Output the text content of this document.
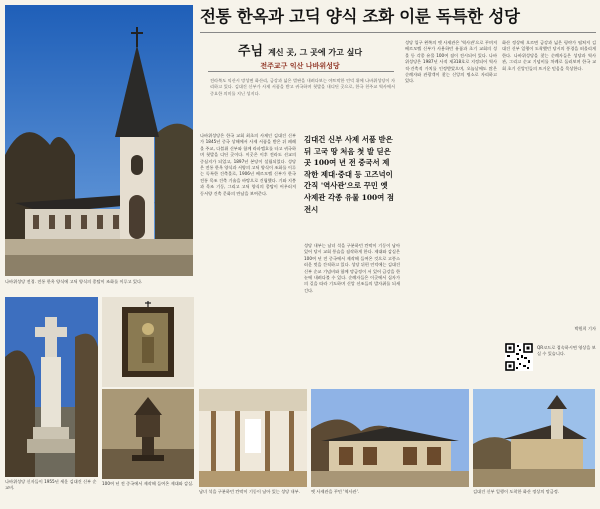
나바위성당 전경. 전통 한옥 양식에 고딕 양식의 종탑이 조화를 이루고 있다.
전통 한옥과 고딕 양식 조화 이룬 독특한 성당
주님 계신 곳, 그 곳에 가고 싶다
전주교구 익산 나바위성당
전라북도 익산시 망성면 화산리, 금강과 넓은 벌판을 내려다보는 야트막한 언덕 위에 나바위성당이 자리하고 있다. 김대건 신부가 사제 서품을 받고 귀국하며 첫발을 내디딘 곳으로, 한국 천주교 역사에서 중요한 의미를 지닌 성지다.
나바위성당은 한국 교회 최초의 사제인 김대건 신부가 1845년 중국 상해에서 사제 서품을 받은 뒤 페레올 주교, 다블뤼 신부와 함께 라파엘호를 타고 귀국하며 첫발을 디딘 곳이다. 이곳은 이후 전라도 선교의 중심지가 되었고, 1897년 본당이 설립되었다. 성당은 전통 한옥 양식과 서양의 고딕 양식이 조화를 이루는 독특한 건축물로, 1906년 베르모렐 신부가 한국 전통 목조 건축 기술을 바탕으로 건립했다. 기와 지붕과 목조 기둥, 그리고 고딕 양식의 종탑이 어우러져 동서양 건축 문화의 만남을 보여준다.
김대건 신부 사제 서품 받은 뒤 고국 땅 처음 첫 발 딛은 곳 100여 년 전 중국서 제작한 제대·중대 등 고즈넉이 간직 '역사관'으로 꾸민 옛 사제관 각종 유물 100여 점 전시
성당 내부는 남녀 석을 구분하던 칸막이 기둥이 남아 있어 당시 교회 풍습을 짐작하게 한다. 제대와 감실은 100여 년 전 중국에서 제작해 들여온 것으로 고풍스러운 멋을 간직하고 있다. 성당 뒤편 언덕에는 김대건 신부 순교 기념비와 함께 망금정이 서 있어 금강을 한눈에 내려다볼 수 있다. 순례자들은 이곳에서 십자가의 길을 따라 기도하며 신앙 선조들의 발자취를 되새긴다.
성당 입구 왼쪽의 옛 사제관은 '역사관'으로 꾸며져 베르모렐 신부가 사용하던 유품과 초기 교회의 성물 등 각종 유물 100여 점이 전시되어 있다. 나바위성당은 1987년 사적 제318호로 지정되어 역사적·건축적 가치를 인정받았으며, 오늘날에도 많은 순례자와 관광객이 찾는 신앙의 명소로 자리하고 있다.
화산 정상에 오르면 금강과 넓은 평야가 펼쳐져 김대건 신부 일행이 도착했던 당시의 풍경을 떠올리게 한다. 나바위성당을 찾는 순례자들은 성당과 역사관, 그리고 순교 기념비를 차례로 둘러보며 한국 교회 초기 신앙인들의 뜨거운 믿음을 묵상한다.
박원희 기자
QR코드로 접속하시면 영상을 보실 수 있습니다.
나바위성당 신자들이 1955년 세운 김대건 신부 순교비.
100여 년 전 중국에서 제작해 들여온 제대와 감실.
남녀 석을 구분하던 칸막이 기둥이 남아 있는 성당 내부.	옛 사제관을 꾸민 '역사관'.	김대건 신부 일행이 도착한 화산 정상의 망금정.
